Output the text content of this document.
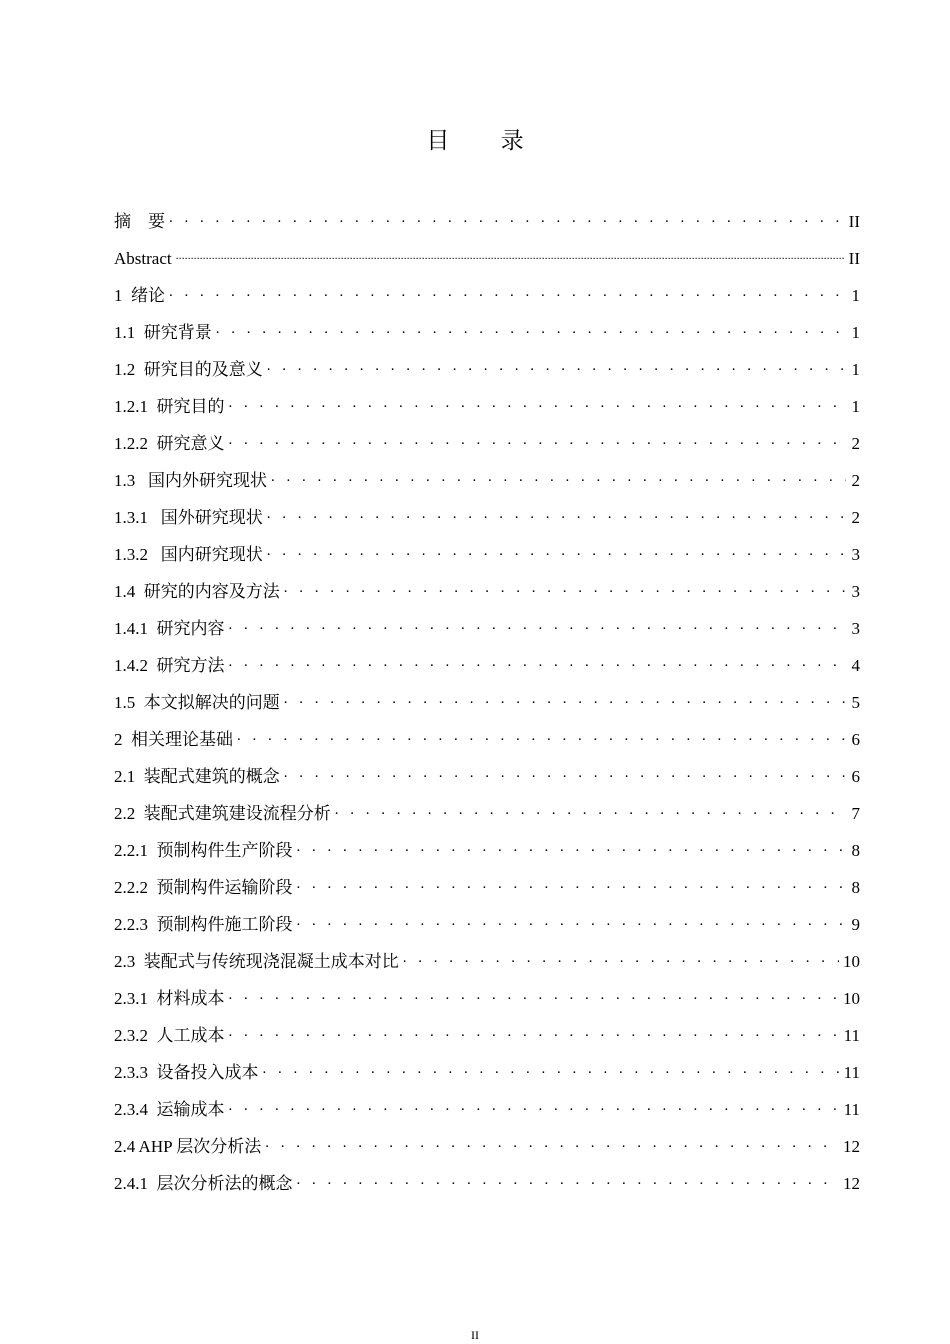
目 录
摘　要 . . .	II
Abstract .....	II
1  绪论 . . .	1
1.1  研究背景 . . .	1
1.2  研究目的及意义 . . .	1
1.2.1  研究目的 . . .	1
1.2.2  研究意义 . . .	2
1.3   国内外研究现状 . . .	2
1.3.1   国外研究现状 . . .	2
1.3.2   国内研究现状 . . .	3
1.4  研究的内容及方法 . . .	3
1.4.1  研究内容 . . .	3
1.4.2  研究方法 . . .	4
1.5  本文拟解决的问题 . . .	5
2  相关理论基础 . . .	6
2.1  装配式建筑的概念 . . .	6
2.2  装配式建筑建设流程分析 . . .	7
2.2.1  预制构件生产阶段 . . .	8
2.2.2  预制构件运输阶段 . . .	8
2.2.3  预制构件施工阶段 . . .	9
2.3  装配式与传统现浇混凝土成本对比 . . .	10
2.3.1  材料成本 . . .	10
2.3.2  人工成本 . . .	11
2.3.3  设备投入成本 . . .	11
2.3.4  运输成本 . . .	11
2.4 AHP 层次分析法 . . .	12
2.4.1  层次分析法的概念 . . .	12
II
